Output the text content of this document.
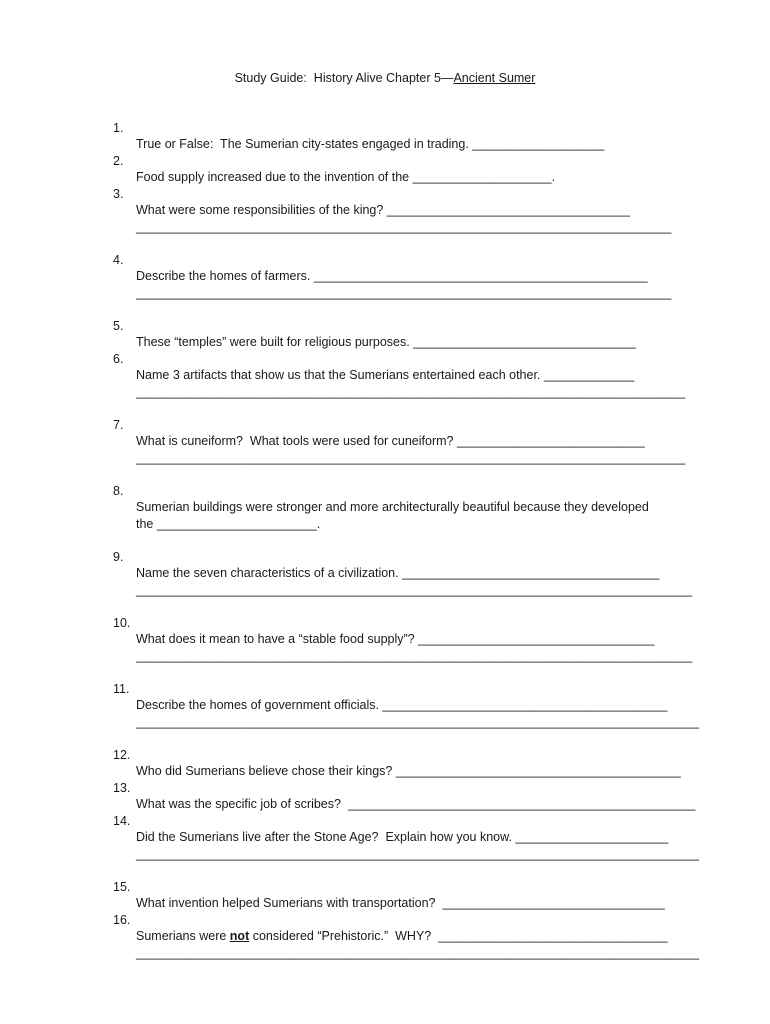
Study Guide:  History Alive Chapter 5—Ancient Sumer

1.

True or False:  The Sumerian city-states engaged in trading. ___________________

2.

Food supply increased due to the invention of the ____________________.

3.

What were some responsibilities of the king? ___________________________________

_____________________________________________________________________________

4.

Describe the homes of farmers. ________________________________________________

_____________________________________________________________________________

5.

These “temples” were built for religious purposes. ________________________________

6.

Name 3 artifacts that show us that the Sumerians entertained each other. _____________

_______________________________________________________________________________

7.

What is cuneiform?  What tools were used for cuneiform? ___________________________

_______________________________________________________________________________

8.

Sumerian buildings were stronger and more architecturally beautiful because they developed

the _______________________.

9.

Name the seven characteristics of a civilization. _____________________________________

________________________________________________________________________________

10.

What does it mean to have a “stable food supply”? __________________________________

________________________________________________________________________________

11.

Describe the homes of government officials. _________________________________________

_________________________________________________________________________________

12.

Who did Sumerians believe chose their kings? _________________________________________

13.

What was the specific job of scribes?  __________________________________________________

14.

Did the Sumerians live after the Stone Age?  Explain how you know. ______________________

_________________________________________________________________________________

15.

What invention helped Sumerians with transportation?  ________________________________

16.

Sumerians were not considered “Prehistoric.”  WHY?  _________________________________

_________________________________________________________________________________
